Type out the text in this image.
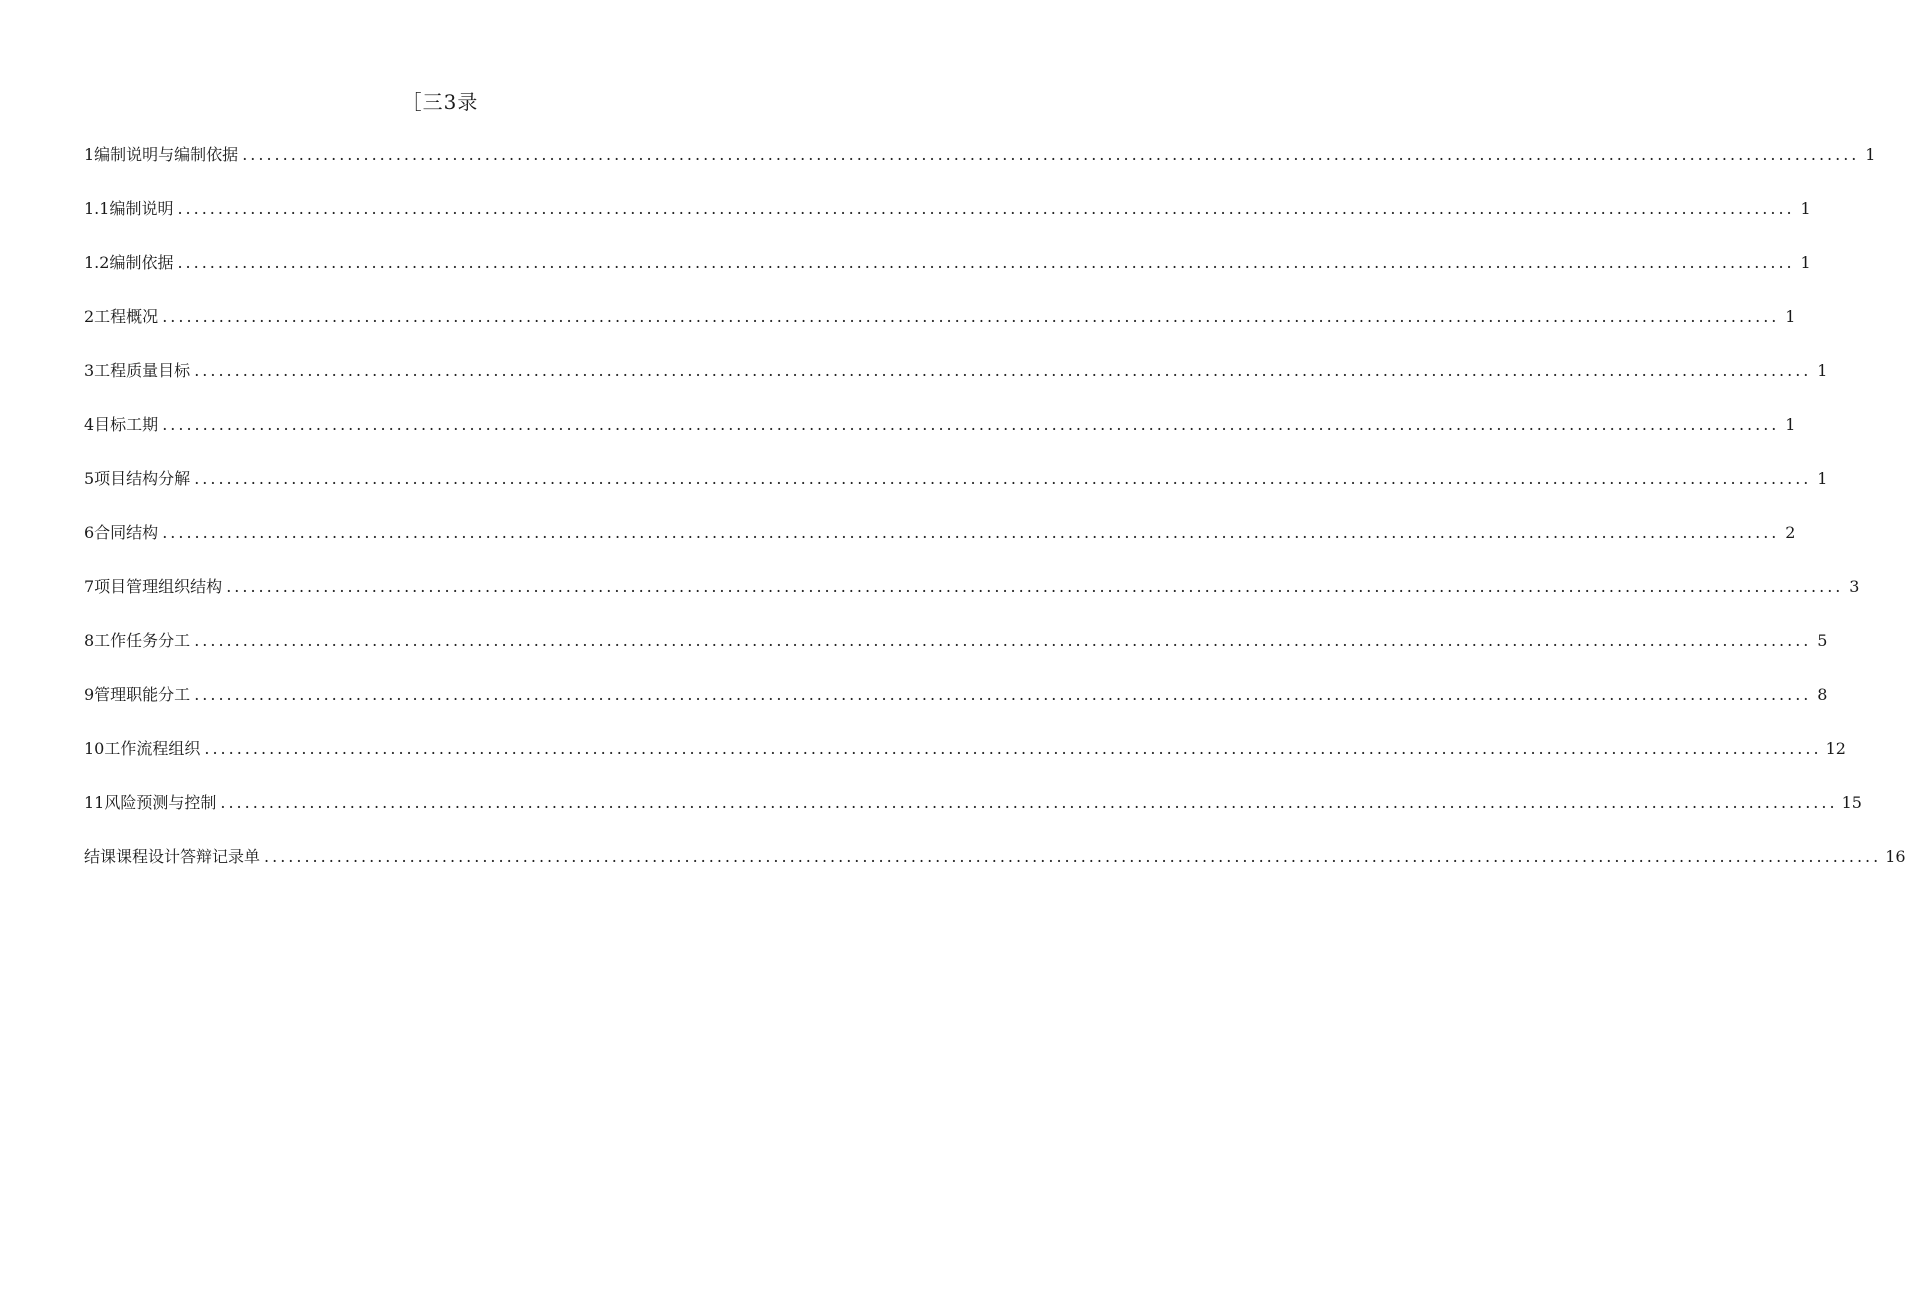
［三3录
1编制说明与编制依据 ........................................................................................................................................................................................................ 1
1.1编制说明 ........................................................................................................................................................................................................ 1
1.2编制依据 ........................................................................................................................................................................................................ 1
2工程概况 ........................................................................................................................................................................................................ 1
3工程质量目标 ........................................................................................................................................................................................................ 1
4目标工期 ........................................................................................................................................................................................................ 1
5项目结构分解 ........................................................................................................................................................................................................ 1
6合同结构 ........................................................................................................................................................................................................ 2
7项目管理组织结构 ........................................................................................................................................................................................................ 3
8工作任务分工 ........................................................................................................................................................................................................ 5
9管理职能分工 ........................................................................................................................................................................................................ 8
10工作流程组织 ........................................................................................................................................................................................................ 12
11风险预测与控制 ........................................................................................................................................................................................................ 15
结课课程设计答辩记录单 ........................................................................................................................................................................................................ 16
